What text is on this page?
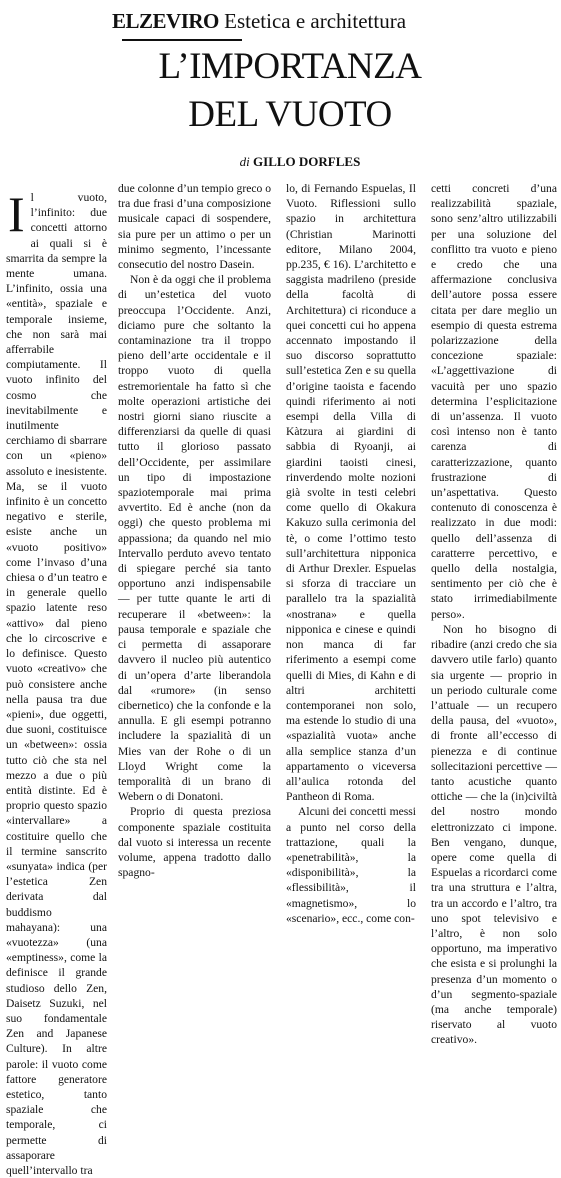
ELZEVIRO Estetica e architettura
L’IMPORTANZA
DEL VUOTO
di GILLO DORFLES
I l vuoto, l’infinito: due concetti attorno ai quali si è smarrita da sempre la mente umana. L’infinito, ossia una «entità», spaziale e temporale insieme, che non sarà mai afferrabile compiutamente. Il vuoto infinito del cosmo che inevitabilmente e inutilmente cerchiamo di sbarrare con un «pieno» assoluto e inesistente. Ma, se il vuoto infinito è un concetto negativo e sterile, esiste anche un «vuoto positivo» come l’invaso d’una chiesa o d’un teatro e in generale quello spazio latente reso «attivo» dal pieno che lo circoscrive e lo definisce. Questo vuoto «creativo» che può consistere anche nella pausa tra due «pieni», due oggetti, due suoni, costituisce un «between»: ossia tutto ciò che sta nel mezzo a due o più entità distinte. Ed è proprio questo spazio «intervallare» a costituire quello che il termine sanscrito «sunyata» indica (per l’estetica Zen derivata dal buddismo mahayana): una «vuotezza» (una «emptiness», come la definisce il grande studioso dello Zen, Daisetz Suzuki, nel suo fondamentale Zen and Japanese Culture). In altre parole: il vuoto come fattore generatore estetico, tanto spaziale che temporale, ci permette di assaporare quell’intervallo tra

due colonne d’un tempio greco o tra due frasi d’una composizione musicale capaci di sospendere, sia pure per un attimo o per un minimo segmento, l’incessante consecutio del nostro Dasein.

Non è da oggi che il problema di un’estetica del vuoto preoccupa l’Occidente. Anzi, diciamo pure che soltanto la contaminazione tra il troppo pieno dell’arte occidentale e il troppo vuoto di quella estremorientale ha fatto sì che molte operazioni artistiche dei nostri giorni siano riuscite a differenziarsi da quelle di quasi tutto il glorioso passato dell’Occidente, per assimilare un tipo di impostazione spaziotemporale mai prima avvertito. Ed è anche (non da oggi) che questo problema mi appassiona; da quando nel mio Intervallo perduto avevo tentato di spiegare perché sia tanto opportuno anzi indispensabile — per tutte quante le arti di recuperare il «between»: la pausa temporale e spaziale che ci permetta di assaporare davvero il nucleo più autentico di un’opera d’arte liberandola dal «rumore» (in senso cibernetico) che la confonde e la annulla. E gli esempi potranno includere la spazialità di un Mies van der Rohe o di un Lloyd Wright come la temporalità di un brano di Webern o di Donatoni.

Proprio di questa preziosa componente spaziale costituita dal vuoto si interessa un recente volume, appena tradotto dallo spagno-

lo, di Fernando Espuelas, Il Vuoto. Riflessioni sullo spazio in architettura (Christian Marinotti editore, Milano 2004, pp.235, € 16). L’architetto e saggista madrileno (preside della facoltà di Architettura) ci riconduce a quei concetti cui ho appena accennato impostando il suo discorso soprattutto sull’estetica Zen e su quella d’origine taoista e facendo quindi riferimento ai noti esempi della Villa di Kàtzura ai giardini di sabbia di Ryoanji, ai giardini taoisti cinesi, rinverdendo molte nozioni già svolte in testi celebri come quello di Okakura Kakuzo sulla cerimonia del tè, o come l’ottimo testo sull’architettura nipponica di Arthur Drexler. Espuelas si sforza di tracciare un parallelo tra la spazialità «nostrana» e quella nipponica e cinese e quindi non manca di far riferimento a esempi come quelli di Mies, di Kahn e di altri architetti contemporanei non solo, ma estende lo studio di una «spazialità vuota» anche alla semplice stanza d’un appartamento o viceversa all’aulica rotonda del Pantheon di Roma.

Alcuni dei concetti messi a punto nel corso della trattazione, quali la «penetrabilità», la «disponibilità», la «flessibilità», il «magnetismo», lo «scenario», ecc., come con-

cetti concreti d’una realizzabilità spaziale, sono senz’altro utilizzabili per una soluzione del conflitto tra vuoto e pieno e credo che una affermazione conclusiva dell’autore possa essere citata per dare meglio un esempio di questa estrema polarizzazione della concezione spaziale: «L’aggettivazione di vacuità per uno spazio determina l’esplicitazione di un’assenza. Il vuoto così intenso non è tanto carenza di caratterizzazione, quanto frustrazione di un’aspettativa. Questo contenuto di conoscenza è realizzato in due modi: quello dell’assenza di caratterre percettivo, e quello della nostalgia, sentimento per ciò che è stato irrimediabilmente perso».

Non ho bisogno di ribadire (anzi credo che sia davvero utile farlo) quanto sia urgente — proprio in un periodo culturale come l’attuale — un recupero della pausa, del «vuoto», di fronte all’eccesso di pienezza e di continue sollecitazioni percettive — tanto acustiche quanto ottiche — che la (in)civiltà del nostro mondo elettronizzato ci impone. Ben vengano, dunque, opere come quella di Espuelas a ricordarci come tra una struttura e l’altra, tra un accordo e l’altro, tra uno spot televisivo e l’altro, è non solo opportuno, ma imperativo che esista e si prolunghi la presenza d’un momento o d’un segmento-spaziale (ma anche temporale) riservato al vuoto creativo».
